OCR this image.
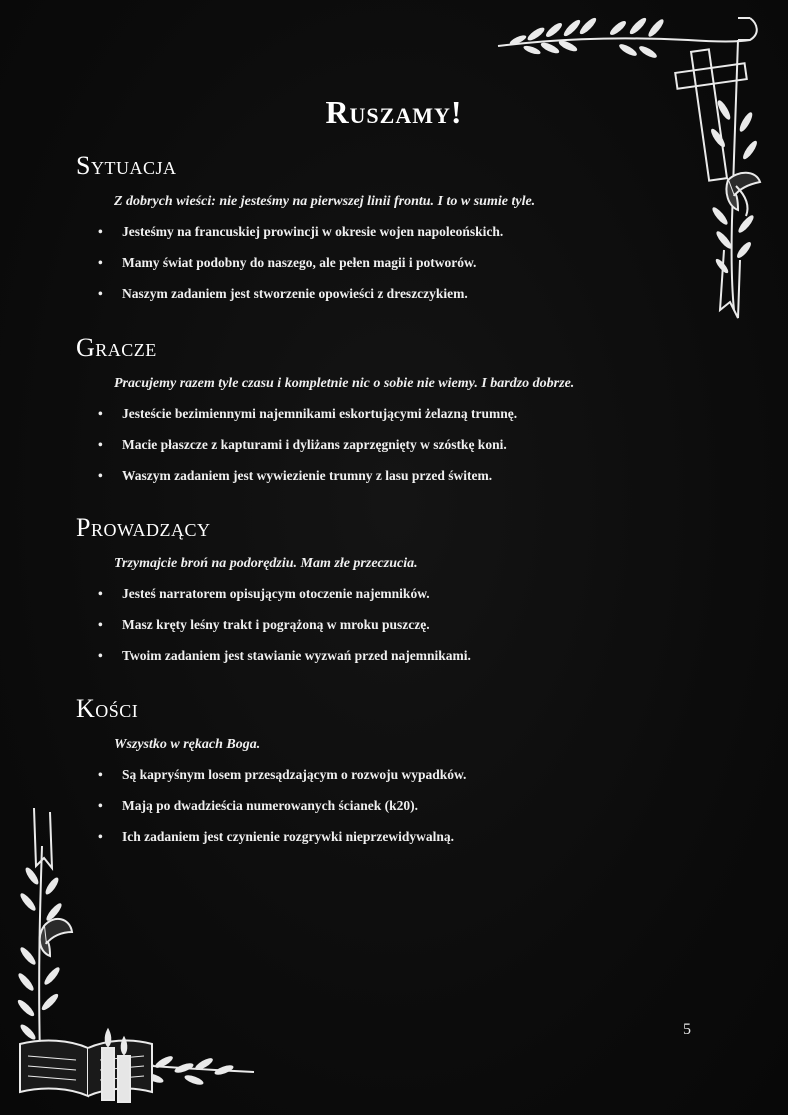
Ruszamy!
Sytuacja

Z dobrych wieści: nie jesteśmy na pierwszej linii frontu. I to w sumie tyle.

• Jesteśmy na francuskiej prowincji w okresie wojen napoleońskich.
• Mamy świat podobny do naszego, ale pełen magii i potworów.
• Naszym zadaniem jest stworzenie opowieści z dreszczykiem.
Gracze

Pracujemy razem tyle czasu i kompletnie nic o sobie nie wiemy. I bardzo dobrze.

• Jesteście bezimiennymi najemnikami eskortującymi żelazną trumnę.
• Macie płaszcze z kapturami i dyliżans zaprzęgnięty w szóstkę koni.
• Waszym zadaniem jest wywiezienie trumny z lasu przed świtem.
Prowadzący

Trzymajcie broń na podorędziu. Mam złe przeczucia.

• Jesteś narratorem opisującym otoczenie najemników.
• Masz kręty leśny trakt i pogrążoną w mroku puszczę.
• Twoim zadaniem jest stawianie wyzwań przed najemnikami.
Kości

Wszystko w rękach Boga.

• Są kapryśnym losem przesądzającym o rozwoju wypadków.
• Mają po dwadzieścia numerowanych ścianek (k20).
• Ich zadaniem jest czynienie rozgrywki nieprzewidywalną.
5
